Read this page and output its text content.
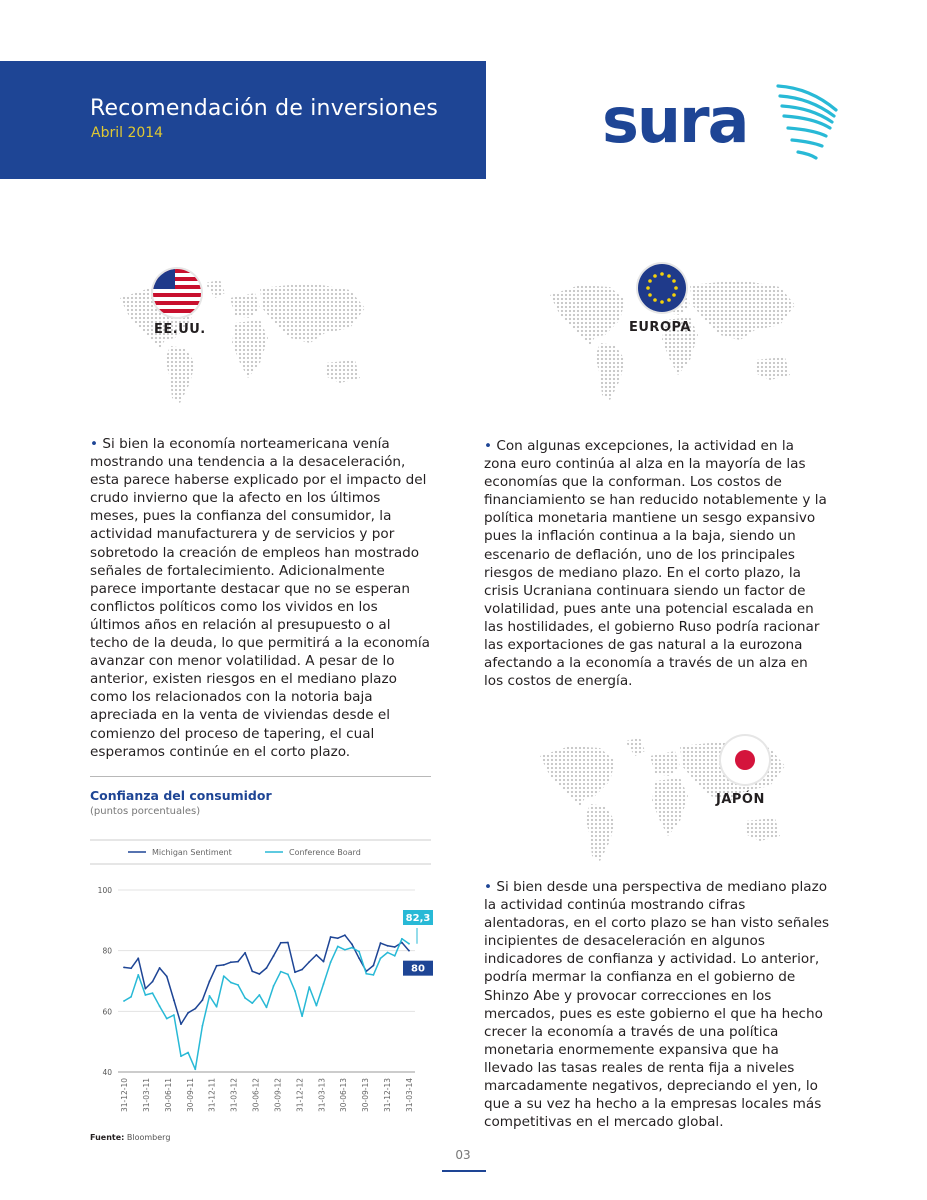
Recomendación de inversiones
Abril 2014	sura
EE.UU.	EUROPA
JAPÓN
• Si bien la economía norteamericana venía mostrando una tendencia a la desaceleración, esta parece haberse explicado por el impacto del crudo invierno que la afecto en los últimos meses, pues la confianza del consumidor, la actividad manufacturera y de servicios y por sobretodo la creación de empleos han mostrado señales de fortalecimiento. Adicionalmente parece importante destacar que no se esperan conflictos políticos como los vividos en los últimos años en relación al presupuesto o al techo de la deuda, lo que permitirá a la economía avanzar con menor volatilidad. A pesar de lo anterior, existen riesgos en el mediano plazo como los relacionados con la notoria baja apreciada en la venta de viviendas desde el comienzo del proceso de tapering, el cual esperamos continúe en el corto plazo.
• Con algunas excepciones, la actividad en la zona euro continúa al alza en la mayoría de las economías que la conforman. Los costos de financiamiento se han reducido notablemente y la política monetaria mantiene un sesgo expansivo pues la inflación continua a la baja, siendo un escenario de deflación, uno de los principales riesgos de mediano plazo. En el corto plazo, la crisis Ucraniana continuara siendo un factor de volatilidad, pues ante una potencial escalada en las hostilidades, el gobierno Ruso podría racionar las exportaciones de gas natural a la eurozona afectando a la economía a través de un alza en los costos de energía.
• Si bien desde una perspectiva de mediano plazo la actividad continúa mostrando cifras alentadoras, en el corto plazo se han visto señales incipientes de desaceleración en algunos indicadores de confianza y actividad. Lo anterior, podría mermar la confianza en el gobierno de Shinzo Abe y provocar correcciones en los mercados, pues es este gobierno el que ha hecho crecer la economía a través de una política monetaria enormemente expansiva que ha llevado las tasas reales de renta fija a niveles marcadamente negativos, depreciando el yen, lo que a su vez ha hecho a la empresas locales más competitivas en el mercado global.
Confianza del consumidor
(puntos porcentuales)
Michigan Sentiment	Conference Board
40
60
80
100
31-12-10 31-03-11 30-06-11 30-09-11 31-12-11 31-03-12 30-06-12 30-09-12 31-12-12 31-03-13 30-06-13 30-09-13 31-12-13 31-03-14
82,3
80
Fuente: Bloomberg
03
